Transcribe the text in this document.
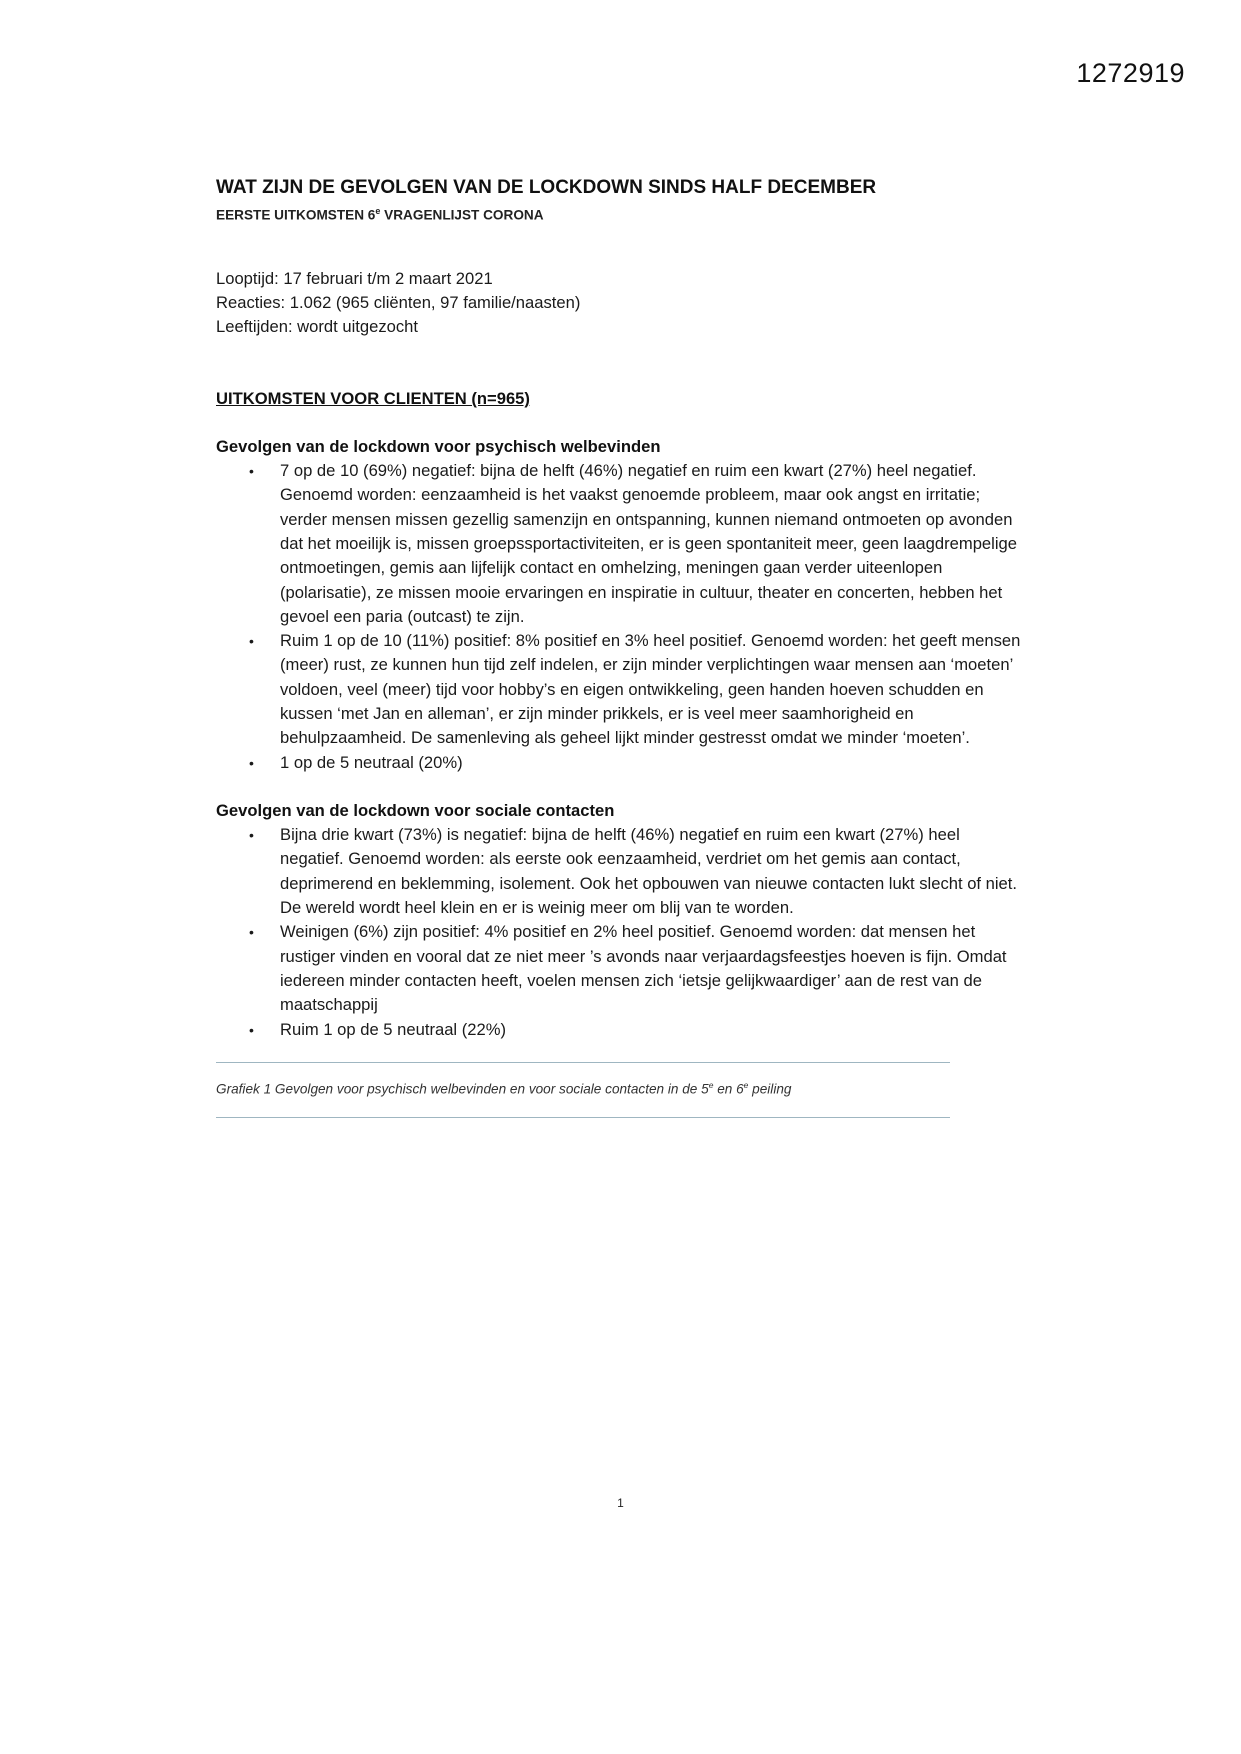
1272919
WAT ZIJN DE GEVOLGEN VAN DE LOCKDOWN SINDS HALF DECEMBER

EERSTE UITKOMSTEN 6e VRAGENLIJST CORONA

Looptijd: 17 februari t/m 2 maart 2021

Reacties: 1.062 (965 cliënten, 97 familie/naasten)

Leeftijden: wordt uitgezocht

UITKOMSTEN VOOR CLIENTEN (n=965)
Gevolgen van de lockdown voor psychisch welbevinden
• 7 op de 10 (69%) negatief: bijna de helft (46%) negatief en ruim een kwart (27%) heel negatief. Genoemd worden: eenzaamheid is het vaakst genoemde probleem, maar ook angst en irritatie; verder mensen missen gezellig samenzijn en ontspanning, kunnen niemand ontmoeten op avonden dat het moeilijk is, missen groepssportactiviteiten, er is geen spontaniteit meer, geen laagdrempelige ontmoetingen, gemis aan lijfelijk contact en omhelzing, meningen gaan verder uiteenlopen (polarisatie), ze missen mooie ervaringen en inspiratie in cultuur, theater en concerten, hebben het gevoel een paria (outcast) te zijn.
• Ruim 1 op de 10 (11%) positief: 8% positief en 3% heel positief. Genoemd worden: het geeft mensen (meer) rust, ze kunnen hun tijd zelf indelen, er zijn minder verplichtingen waar mensen aan ‘moeten’ voldoen, veel (meer) tijd voor hobby’s en eigen ontwikkeling, geen handen hoeven schudden en kussen ‘met Jan en alleman’, er zijn minder prikkels, er is veel meer saamhorigheid en behulpzaamheid. De samenleving als geheel lijkt minder gestresst omdat we minder ‘moeten’.
• 1 op de 5 neutraal (20%)
Gevolgen van de lockdown voor sociale contacten
• Bijna drie kwart (73%) is negatief: bijna de helft (46%) negatief en ruim een kwart (27%) heel negatief. Genoemd worden: als eerste ook eenzaamheid, verdriet om het gemis aan contact, deprimerend en beklemming, isolement. Ook het opbouwen van nieuwe contacten lukt slecht of niet. De wereld wordt heel klein en er is weinig meer om blij van te worden.
• Weinigen (6%) zijn positief: 4% positief en 2% heel positief. Genoemd worden: dat mensen het rustiger vinden en vooral dat ze niet meer ’s avonds naar verjaardagsfeestjes hoeven is fijn. Omdat iedereen minder contacten heeft, voelen mensen zich ‘ietsje gelijkwaardiger’ aan de rest van de maatschappij
• Ruim 1 op de 5 neutraal (22%)

Grafiek 1 Gevolgen voor psychisch welbevinden en voor sociale contacten in de 5e en 6e peiling

1
